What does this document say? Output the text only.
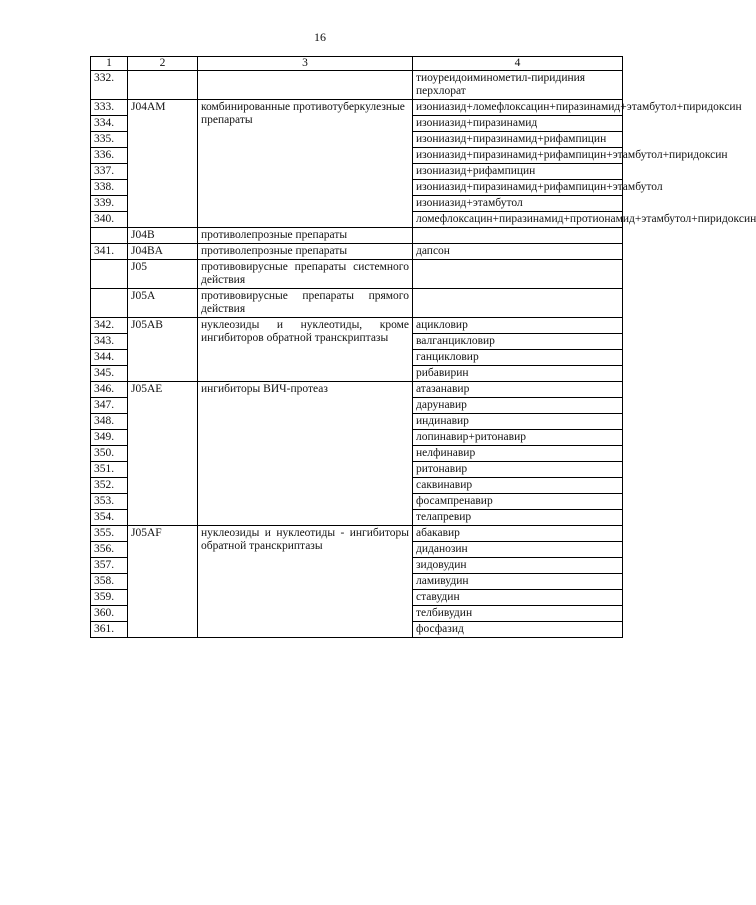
16
1	2	3	4
332.			тиоуреидоиминометил-пиридиния перхлорат
333.	J04AM	комбинированные противотуберкулезные препараты	изониазид+ломефлоксацин+пиразинамид+этамбутол+пиридоксин
334.			изониазид+пиразинамид
335.			изониазид+пиразинамид+рифампицин
336.			изониазид+пиразинамид+рифампицин+этамбутол+пиридоксин
337.			изониазид+рифампицин
338.			изониазид+пиразинамид+рифампицин+этамбутол
339.			изониазид+этамбутол
340.			ломефлоксацин+пиразинамид+протионамид+этамбутол+пиридоксин
	J04B	противолепрозные препараты	
341.	J04BA	противолепрозные препараты	дапсон
	J05	противовирусные препараты системного действия	
	J05A	противовирусные препараты прямого действия	
342.	J05AB	нуклеозиды и нуклеотиды, кроме ингибиторов обратной транскриптазы	ацикловир
343.			валганцикловир
344.			ганцикловир
345.			рибавирин
346.	J05AE	ингибиторы ВИЧ-протеаз	атазанавир
347.			дарунавир
348.			индинавир
349.			лопинавир+ритонавир
350.			нелфинавир
351.			ритонавир
352.			саквинавир
353.			фосампренавир
354.			телапревир
355.	J05AF	нуклеозиды и нуклеотиды - ингибиторы обратной транскриптазы	абакавир
356.			диданозин
357.			зидовудин
358.			ламивудин
359.			ставудин
360.			телбивудин
361.			фосфазид
